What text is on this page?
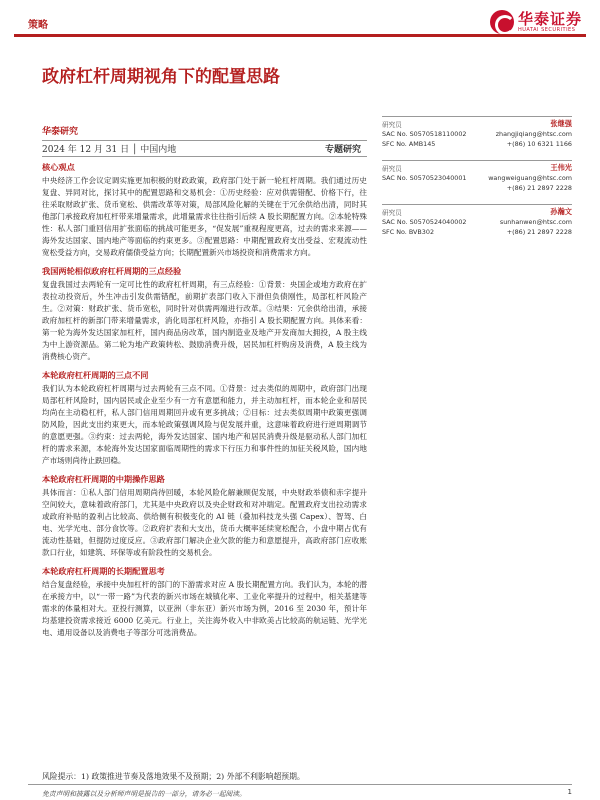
策略	华泰证券
HUATAI SECURITIES
政府杠杆周期视角下的配置思路
华泰研究
2024 年 12 月 31 日 │ 中国内地	专题研究
核心观点
中央经济工作会议定调实施更加积极的财政政策，政府部门处于新一轮杠杆周期。我们通过历史复盘、异同对比，探讨其中的配置思路和交易机会：①历史经验：应对供需错配、价格下行，往往采取财政扩张、货币宽松、供需改革等对策，局部风险化解的关键在于冗余供给出清，同时其他部门承接政府加杠杆带来增量需求，此增量需求往往指引后续 A 股长期配置方向。②本轮特殊性：私人部门重回信用扩张面临的挑战可能更多，“促发展”重视程度更高，过去的需求来源——海外发达国家、国内地产等面临的约束更多。③配置思路：中期配置政府支出受益、宏观流动性宽松受益方向，交易政府儒债受益方向；长期配置新兴市场投资和消费需求方向。
我国两轮相似政府杠杆周期的三点经验
复盘我国过去两轮有一定可比性的政府杠杆周期，有三点经验：①背景：央国企或地方政府在扩表拉动投资后，外生冲击引发供需错配，前期扩表部门收入下滑但负债刚性，局部杠杆风险产生。②对策：财政扩张、货币宽松，同时针对供需两端进行改革。③结果：冗余供给出清，承接政府加杠杆的新部门带来增量需求，消化局部杠杆风险，亦指引 A 股长期配置方向。具体来看：第一轮为海外发达国家加杠杆，国内商品房改革，国内制造业及地产开发商加大拥投，A 股主线为中上游资源品。第二轮为地产政策转松、鼓励消费升级，居民加杠杆购房及消费，A 股主线为消费核心资产。
本轮政府杠杆周期的三点不同
我们认为本轮政府杠杆周期与过去两轮有三点不同。①背景：过去类似的周期中，政府部门出现局部杠杆风险时，国内居民或企业至少有一方有意愿和能力，并主动加杠杆，而本轮企业和居民均尚在主动稳杠杆，私人部门信用周期回升或有更多挑战；②目标：过去类似周期中政策更强调防风险，因此支出约束更大，而本轮政策强调风险与促发展并重，这意味着政府进行逆周期调节的意愿更强。③约束：过去两轮，海外发达国家、国内地产和居民消费升级是驱动私人部门加杠杆的需求来源，本轮海外发达国家面临周期性的需求下行压力和事件性的加征关税风险，国内地产市场则尚待止跌回稳。
本轮政府杠杆周期的中期操作思路
具体而言：①私人部门信用周期尚待回暖，本轮风险化解兼顾促发展，中央财政举债和赤字提升空间较大，意味着政府部门，尤其是中央政府以及央企财政和对冲端定。配置政府支出拉动需求或政府补贴的盈利占比较高、供给侧有积极变化的 AI 链（叠加科技龙头强 Capex）、智驾、白电、光学光电、部分食饮等。②政府扩表和大支出，货币大概率延续宽松配合，小盘中期占优有流动性基础，但提防过度反应。③政府部门解决企业欠款的能力和意愿提升，高政府部门应收账款口行业，如建筑、环保等或有阶段性的交易机会。
本轮政府杠杆周期的长期配置思考
结合复盘经验，承接中央加杠杆的部门的下游需求对应 A 股长期配置方向。我们认为，本轮的潜在承接方中，以“一带一路”为代表的新兴市场在城镇化率、工业化率提升的过程中，相关基建等需求的体量相对大。亚投行测算，以亚洲（非东亚）新兴市场为例，2016 至 2030 年，预计年均基建投资需求接近 6000 亿美元。行业上，关注海外收入中非欧美占比较高的航运链、光学光电、通用设备以及消费电子等部分可选消费品。
研究员	张继强
SAC No. S0570518110002	zhangjiqiang@htsc.com
SFC No. AMB145	+(86) 10 6321 1166
研究员	王伟光
SAC No. S0570523040001	wangweiguang@htsc.com
+(86) 21 2897 2228
研究员	孙瀚文
SAC No. S0570524040002	sunhanwen@htsc.com
SFC No. BVB302	+(86) 21 2897 2228
风险提示：1) 政策推进节奏及落地效果不及预期；2) 外部不利影响超预期。
免责声明和披露以及分析师声明是报告的一部分，请务必一起阅读。	1
